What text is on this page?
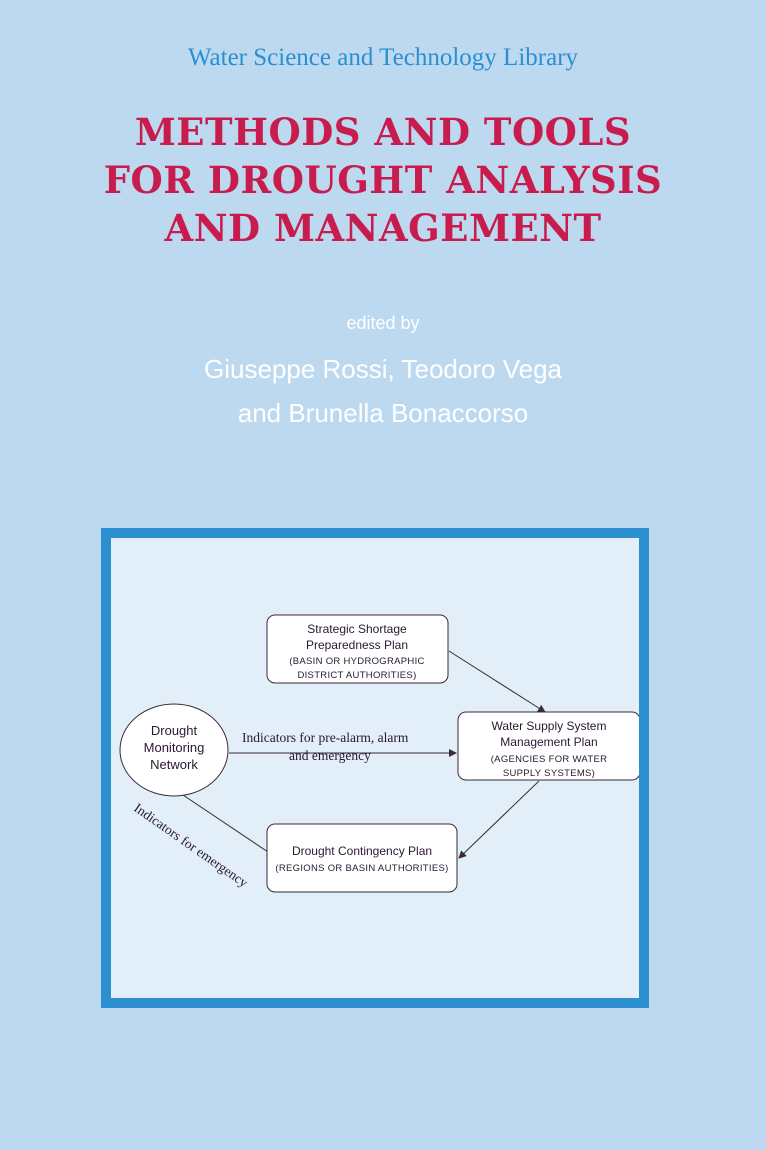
Water Science and Technology Library
METHODS AND TOOLS
FOR DROUGHT ANALYSIS
AND MANAGEMENT
edited by
Giuseppe Rossi, Teodoro Vega
and Brunella Bonaccorso
Drought
Monitoring
Network
Strategic Shortage
Preparedness Plan
(BASIN OR HYDROGRAPHIC
DISTRICT AUTHORITIES)
Water Supply System
Management Plan
(AGENCIES FOR WATER
SUPPLY SYSTEMS)
Drought Contingency Plan
(REGIONS OR BASIN AUTHORITIES)
Indicators for pre-alarm, alarm
and emergency
Indicators for emergency
